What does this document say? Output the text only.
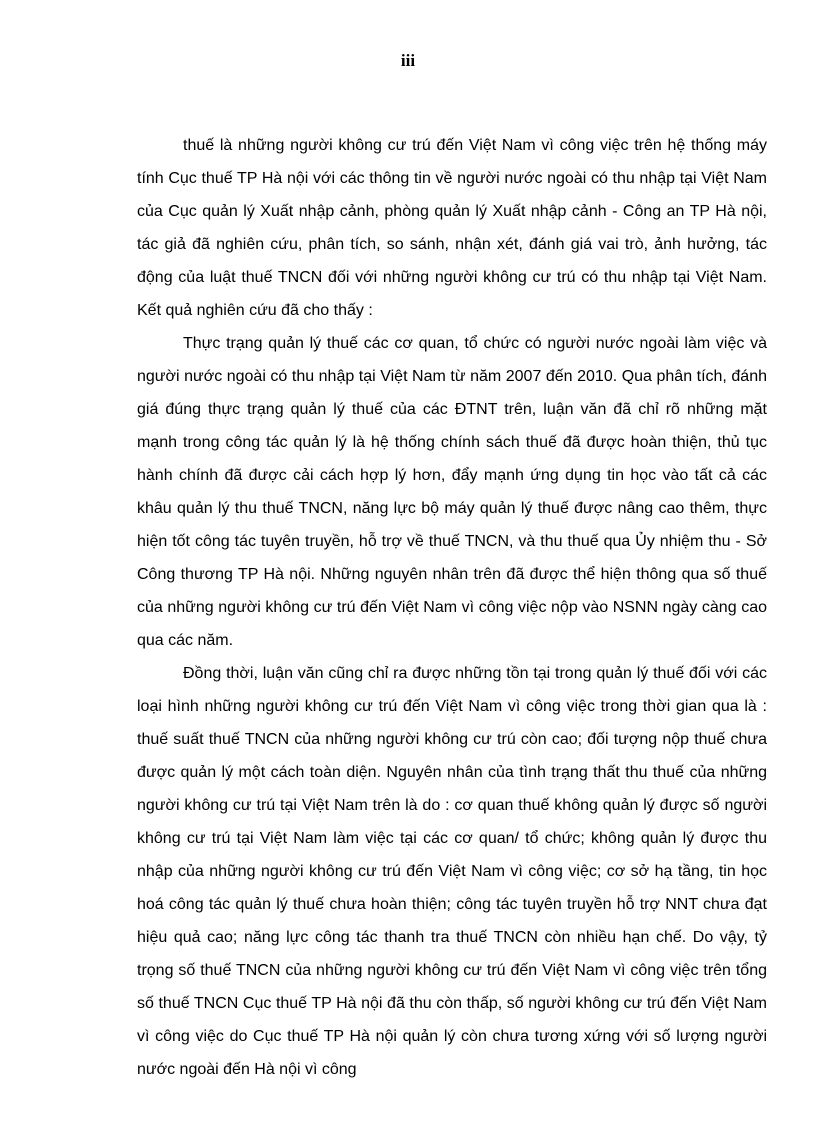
iii

thuế là những người không cư trú đến Việt Nam vì công việc trên hệ thống máy tính Cục thuế TP Hà nội với các thông tin về người nước ngoài có thu nhập tại Việt Nam của Cục quản lý Xuất nhập cảnh, phòng quản lý Xuất nhập cảnh - Công an TP Hà nội, tác giả đã nghiên cứu, phân tích, so sánh, nhận xét, đánh giá vai trò, ảnh hưởng, tác động của luật thuế TNCN đối với những người không cư trú có thu nhập tại Việt Nam. Kết quả nghiên cứu đã cho thấy :

Thực trạng quản lý thuế các cơ quan, tổ chức có người nước ngoài làm việc và người nước ngoài có thu nhập tại Việt Nam từ năm 2007 đến 2010. Qua phân tích, đánh giá đúng thực trạng quản lý thuế của các ĐTNT trên, luận văn đã chỉ rõ những mặt mạnh trong công tác quản lý là hệ thống chính sách thuế đã được hoàn thiện, thủ tục hành chính đã được cải cách hợp lý hơn, đẩy mạnh ứng dụng tin học vào tất cả các khâu quản lý thu thuế TNCN, năng lực bộ máy quản lý thuế được nâng cao thêm, thực hiện tốt công tác tuyên truyền, hỗ trợ về thuế TNCN, và thu thuế qua Ủy nhiệm thu - Sở Công thương TP Hà nội. Những nguyên nhân trên đã được thể hiện thông qua số thuế của những người không cư trú đến Việt Nam vì công việc nộp vào NSNN ngày càng cao qua các năm.

Đồng thời, luận văn cũng chỉ ra được những tồn tại trong quản lý thuế đối với các loại hình những người không cư trú đến Việt Nam vì công việc trong thời gian qua là : thuế suất thuế TNCN của những người không cư trú còn cao; đối tượng nộp thuế chưa được quản lý một cách toàn diện. Nguyên nhân của tình trạng thất thu thuế của những người không cư trú tại Việt Nam trên là do : cơ quan thuế không quản lý được số người không cư trú tại Việt Nam làm việc tại các cơ quan/ tổ chức; không quản lý được thu nhập của những người không cư trú đến Việt Nam vì công việc; cơ sở hạ tầng, tin học hoá công tác quản lý thuế chưa hoàn thiện; công tác tuyên truyền hỗ trợ NNT chưa đạt hiệu quả cao; năng lực công tác thanh tra thuế TNCN còn nhiều hạn chế. Do vậy, tỷ trọng số thuế TNCN của những người không cư trú đến Việt Nam vì công việc trên tổng số thuế TNCN Cục thuế TP Hà nội đã thu còn thấp, số người không cư trú đến Việt Nam vì công việc do Cục thuế TP Hà nội quản lý còn chưa tương xứng với số lượng người nước ngoài đến Hà nội vì công
